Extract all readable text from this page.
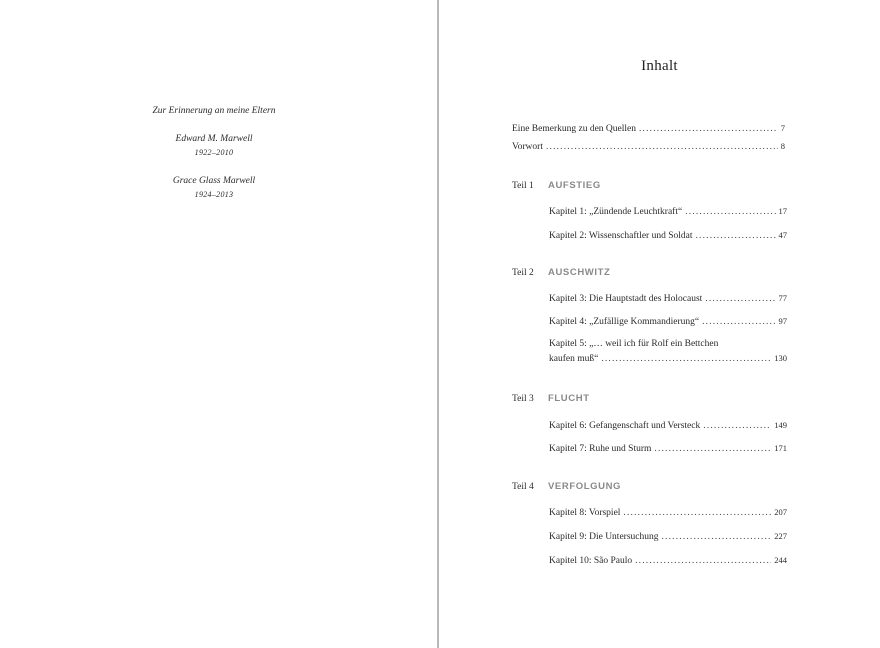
Zur Erinnerung an meine Eltern
Edward M. Marwell
1922–2010
Grace Glass Marwell
1924–2013
Inhalt
Eine Bemerkung zu den Quellen . . .	7
Vorwort . . .	8
Teil 1	AUFSTIEG
Kapitel 1: „Zündende Leuchtkraft“ . . .	17
Kapitel 2: Wissenschaftler und Soldat . . .	47
Teil 2	AUSCHWITZ
Kapitel 3: Die Hauptstadt des Holocaust . . .	77
Kapitel 4: „Zufällige Kommandierung“ . . .	97
Kapitel 5: „… weil ich für Rolf ein Bettchen
kaufen muß“ . . .	130
Teil 3	FLUCHT
Kapitel 6: Gefangenschaft und Versteck . . .	149
Kapitel 7: Ruhe und Sturm . . .	171
Teil 4	VERFOLGUNG
Kapitel 8: Vorspiel . . .	207
Kapitel 9: Die Untersuchung . . .	227
Kapitel 10: São Paulo . . .	244
